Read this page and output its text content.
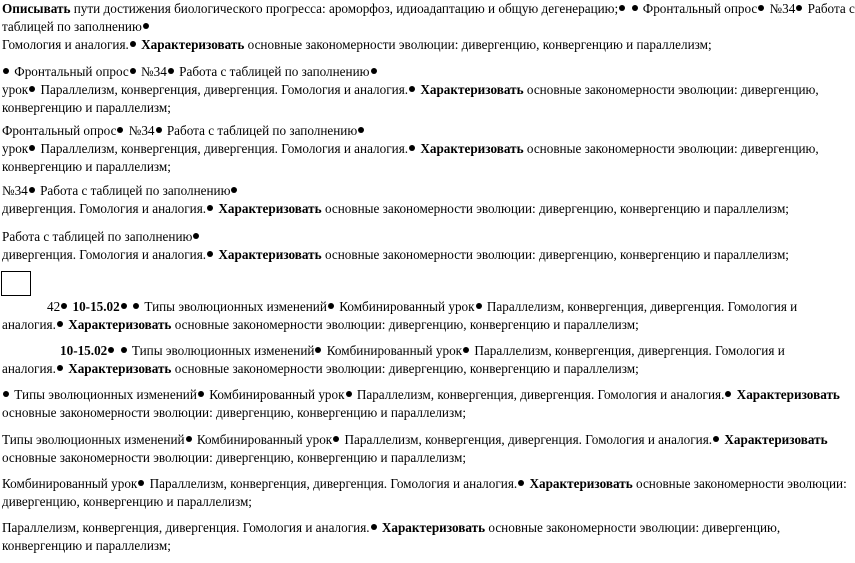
Описывать пути достижения биологического прогресса: ароморфоз, идиоадаптацию и общую дегенерацию;  Фронтальный опрос №34 Работа с
таблицей по заполнению
Гомология и аналогия. Характеризовать основные закономерности эволюции: дивергенцию, конвергенцию и параллелизм;
Фронтальный опрос №34 Работа с таблицей по заполнению
урок Параллелизм, конвергенция, дивергенция. Гомология и аналогия. Характеризовать основные закономерности эволюции: дивергенцию,
конвергенцию и параллелизм;
Фронтальный опрос №34 Работа с таблицей по заполнению
урок Параллелизм, конвергенция, дивергенция. Гомология и аналогия. Характеризовать основные закономерности эволюции: дивергенцию,
конвергенцию и параллелизм;
№34 Работа с таблицей по заполнению
дивергенция. Гомология и аналогия. Характеризовать основные закономерности эволюции: дивергенцию, конвергенцию и параллелизм;
Работа с таблицей по заполнению
дивергенция. Гомология и аналогия. Характеризовать основные закономерности эволюции: дивергенцию, конвергенцию и параллелизм;
42 10-15.02  Типы эволюционных изменений Комбинированный урок Параллелизм, конвергенция, дивергенция. Гомология и
аналогия. Характеризовать основные закономерности эволюции: дивергенцию, конвергенцию и параллелизм;
10-15.02  Типы эволюционных изменений Комбинированный урок Параллелизм, конвергенция, дивергенция. Гомология и
аналогия. Характеризовать основные закономерности эволюции: дивергенцию, конвергенцию и параллелизм;
Типы эволюционных изменений Комбинированный урок Параллелизм, конвергенция, дивергенция. Гомология и аналогия. Характеризовать
основные закономерности эволюции: дивергенцию, конвергенцию и параллелизм;
Типы эволюционных изменений Комбинированный урок Параллелизм, конвергенция, дивергенция. Гомология и аналогия. Характеризовать
основные закономерности эволюции: дивергенцию, конвергенцию и параллелизм;
Комбинированный урок Параллелизм, конвергенция, дивергенция. Гомология и аналогия. Характеризовать основные закономерности эволюции:
дивергенцию, конвергенцию и параллелизм;
Параллелизм, конвергенция, дивергенция. Гомология и аналогия. Характеризовать основные закономерности эволюции: дивергенцию,
конвергенцию и параллелизм;
